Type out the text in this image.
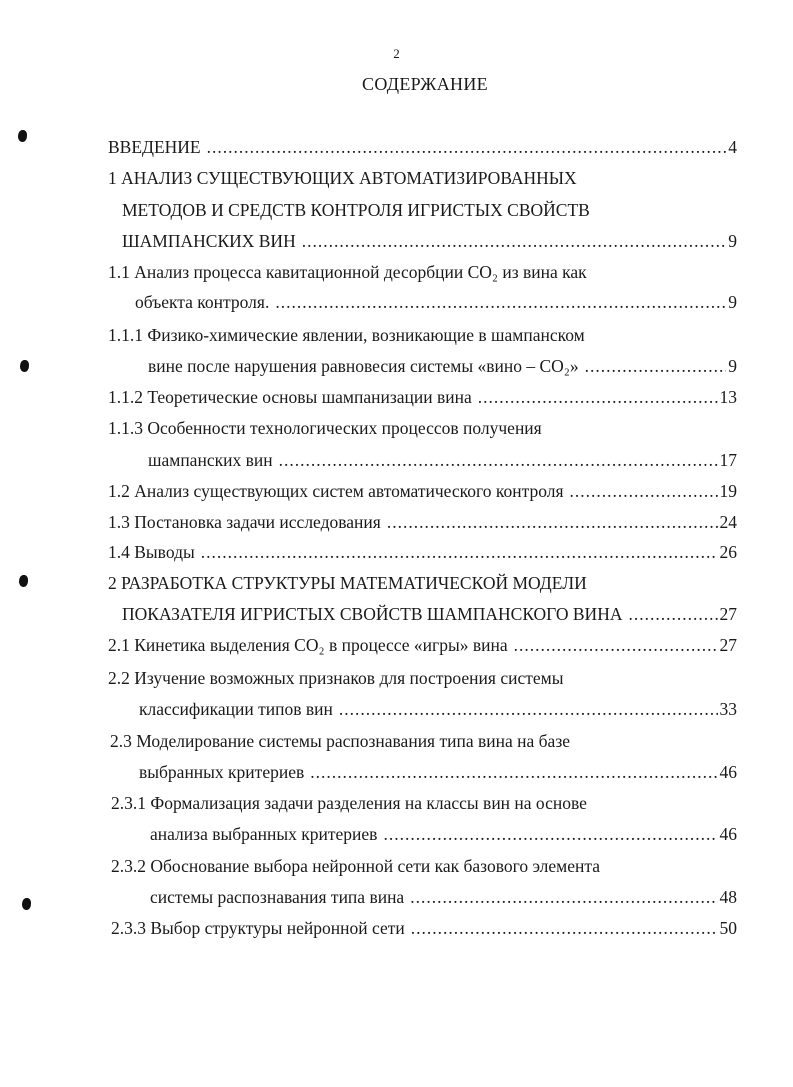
2
СОДЕРЖАНИЕ
ВВЕДЕНИЕ .....	4
1 АНАЛИЗ СУЩЕСТВУЮЩИХ АВТОМАТИЗИРОВАННЫХ
МЕТОДОВ И СРЕДСТВ КОНТРОЛЯ ИГРИСТЫХ СВОЙСТВ
ШАМПАНСКИХ ВИН .....	9
1.1 Анализ процесса кавитационной десорбции CO₂ из вина как
объекта контроля. .....	9
1.1.1 Физико-химические явлении, возникающие в шампанском
вине после нарушения равновесия системы «вино – CO₂» .....	9
1.1.2 Теоретические основы шампанизации вина .....	13
1.1.3 Особенности технологических процессов получения
шампанских вин .....	17
1.2 Анализ существующих систем автоматического контроля .....	19
1.3 Постановка задачи исследования .....	24
1.4 Выводы .....	26
2 РАЗРАБОТКА СТРУКТУРЫ МАТЕМАТИЧЕСКОЙ МОДЕЛИ
ПОКАЗАТЕЛЯ ИГРИСТЫХ СВОЙСТВ ШАМПАНСКОГО ВИНА .....	27
2.1 Кинетика выделения CO₂ в процессе «игры» вина .....	27
2.2 Изучение возможных признаков для построения системы
классификации типов вин .....	33
2.3 Моделирование системы распознавания типа вина на базе
выбранных критериев .....	46
2.3.1 Формализация задачи разделения на классы вин на основе
анализа выбранных критериев .....	46
2.3.2 Обоснование выбора нейронной сети как базового элемента
системы распознавания типа вина .....	48
2.3.3 Выбор структуры нейронной сети .....	50
